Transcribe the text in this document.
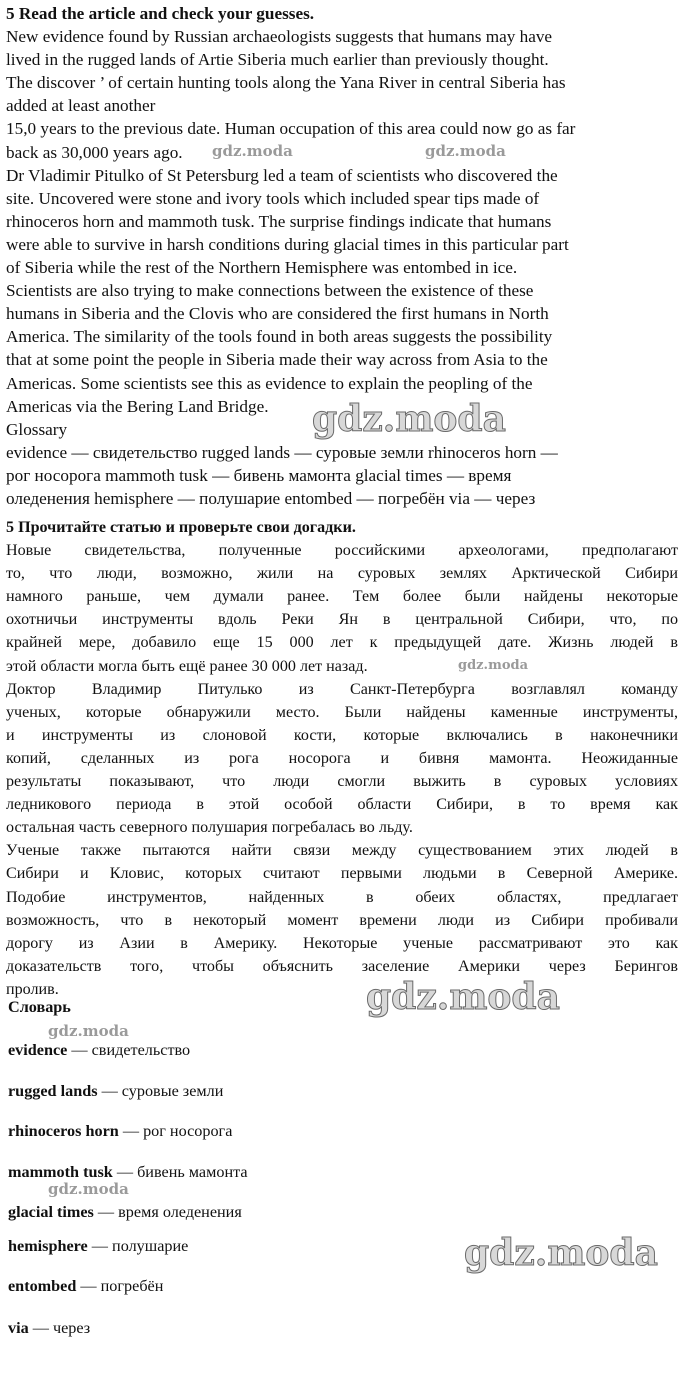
5 Read the article and check your guesses.
New evidence found by Russian archaeologists suggests that humans may have
lived in the rugged lands of Artie Siberia much earlier than previously thought.
The discover ’ of certain hunting tools along the Yana River in central Siberia has
added at least another
15,0 years to the previous date. Human occupation of this area could now go as far
back as 30,000 years ago.
Dr Vladimir Pitulko of St Petersburg led a team of scientists who discovered the
site. Uncovered were stone and ivory tools which included spear tips made of
rhinoceros horn and mammoth tusk. The surprise findings indicate that humans
were able to survive in harsh conditions during glacial times in this particular part
of Siberia while the rest of the Northern Hemisphere was entombed in ice.
Scientists are also trying to make connections between the existence of these
humans in Siberia and the Clovis who are considered the first humans in North
America. The similarity of the tools found in both areas suggests the possibility
that at some point the people in Siberia made their way across from Asia to the
Americas. Some scientists see this as evidence to explain the peopling of the
Americas via the Bering Land Bridge.
Glossary
evidence — свидетельство rugged lands — суровые земли rhinoceros horn —
рог носорога mammoth tusk — бивень мамонта glacial times — время
оледенения hemisphere — полушарие entombed — погребён via — через
5 Прочитайте статью и проверьте свои догадки.
Новые свидетельства, полученные российскими археологами, предполагают
то, что люди, возможно, жили на суровых землях Арктической Сибири
намного раньше, чем думали ранее. Тем более были найдены некоторые
охотничьи инструменты вдоль Реки Ян в центральной Сибири, что, по
крайней мере, добавило еще 15 000 лет к предыдущей дате. Жизнь людей в
этой области могла быть ещё ранее 30 000 лет назад.
Доктор Владимир Питулько из Санкт-Петербурга возглавлял команду
ученых, которые обнаружили место. Были найдены каменные инструменты,
и инструменты из слоновой кости, которые включались в наконечники
копий, сделанных из рога носорога и бивня мамонта. Неожиданные
результаты показывают, что люди смогли выжить в суровых условиях
ледникового периода в этой особой области Сибири, в то время как
остальная часть северного полушария погребалась во льду.
Ученые также пытаются найти связи между существованием этих людей в
Сибири и Кловис, которых считают первыми людьми в Северной Америке.
Подобие инструментов, найденных в обеих областях, предлагает
возможность, что в некоторый момент времени люди из Сибири пробивали
дорогу из Азии в Америку. Некоторые ученые рассматривают это как
доказательств того, чтобы объяснить заселение Америки через Берингов
пролив.
Словарь
evidence — свидетельство
rugged lands — суровые земли
rhinoceros horn — рог носорога
mammoth tusk — бивень мамонта
glacial times — время оледенения
hemisphere — полушарие
entombed — погребён
via — через
gdz.moda	gdz.moda
gdz.moda
gdz.moda
gdz.moda
gdz.moda
gdz.moda
gdz.moda
